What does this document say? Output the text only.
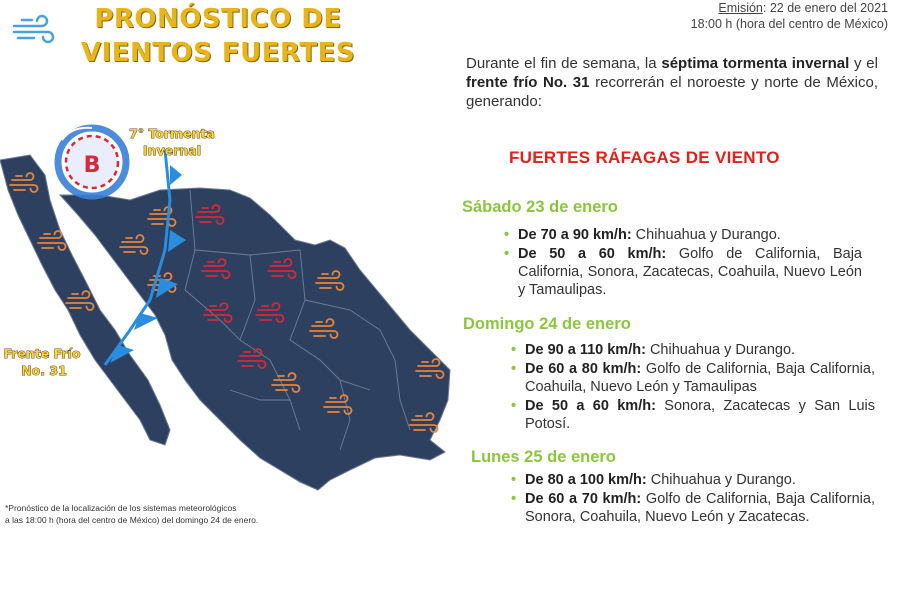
PRONÓSTICO DE
VIENTOS FUERTES
Emisión: 22 de enero del 2021
18:00 h (hora del centro de México)
Durante el fin de semana, la séptima tormenta invernal y el frente frío No. 31 recorrerán el noroeste y norte de México, generando:
FUERTES RÁFAGAS DE VIENTO
Sábado 23 de enero
• De 70 a 90 km/h: Chihuahua y Durango.
• De 50 a 60 km/h: Golfo de California, Baja California, Sonora, Zacatecas, Coahuila, Nuevo León y Tamaulipas.
Domingo 24 de enero
• De 90 a 110 km/h: Chihuahua y Durango.
• De 60 a 80 km/h: Golfo de California, Baja California, Coahuila, Nuevo León y Tamaulipas
• De 50 a 60 km/h: Sonora, Zacatecas y San Luis Potosí.
Lunes 25 de enero
• De 80 a 100 km/h: Chihuahua y Durango.
• De 60 a 70 km/h: Golfo de California, Baja California, Sonora, Coahuila, Nuevo León y Zacatecas.
B
7° Tormenta
Invernal
Frente Frío
No. 31
*Pronóstico de la localización de los sistemas meteorológicos
a las 18:00 h (hora del centro de México) del domingo 24 de enero.
